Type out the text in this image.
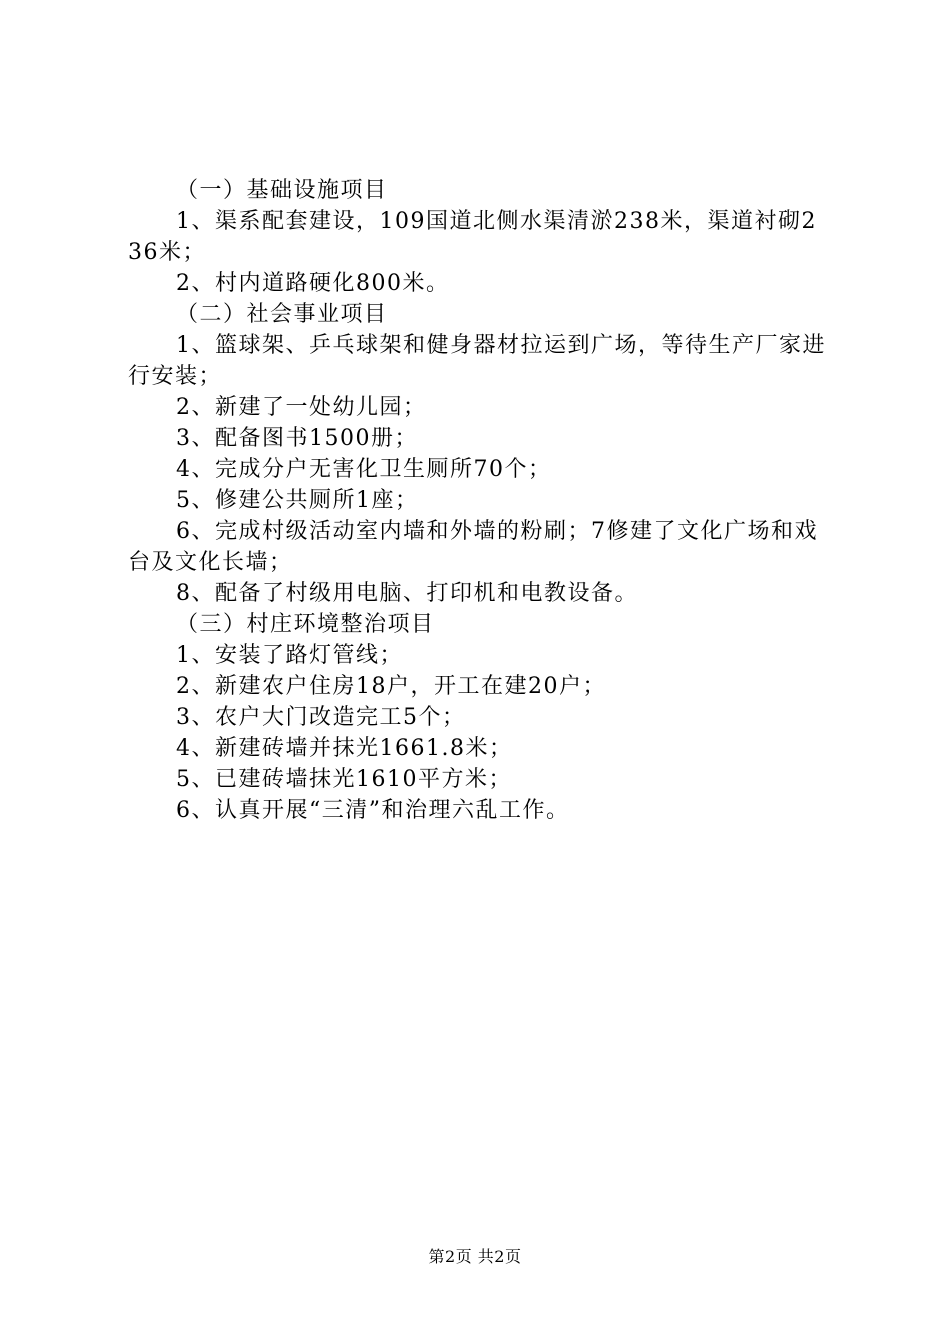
（一）基础设施项目

1、渠系配套建设，109国道北侧水渠清淤238米，渠道衬砌236米；

2、村内道路硬化800米。

（二）社会事业项目

1、篮球架、乒乓球架和健身器材拉运到广场，等待生产厂家进行安装；

2、新建了一处幼儿园；

3、配备图书1500册；

4、完成分户无害化卫生厕所70个；

5、修建公共厕所1座；

6、完成村级活动室内墙和外墙的粉刷；7修建了文化广场和戏台及文化长墙；

8、配备了村级用电脑、打印机和电教设备。

（三）村庄环境整治项目

1、安装了路灯管线；

2、新建农户住房18户，开工在建20户；

3、农户大门改造完工5个；

4、新建砖墙并抹光1661.8米；

5、已建砖墙抹光1610平方米；

6、认真开展“三清”和治理六乱工作。

第2页 共2页
